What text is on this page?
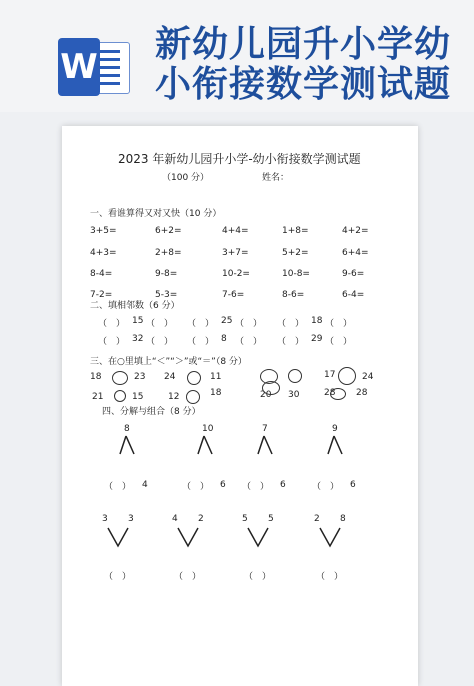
W
新幼儿园升小学幼
小衔接数学测试题
2023 年新幼儿园升小学-幼小衔接数学测试题
（100 分）	姓名：
一、看谁算得又对又快（10 分）
3+5=	6+2=	4+4=	1+8=	4+2=
4+3=	2+8=	3+7=	5+2=	6+4=
8-4=	9-8=	10-2=	10-8=	9-6=
7-2=	5-3=	7-6=	8-6=	6-4=
二、填相邻数（6 分）
（　） 15 （　） （　） 25 （　） （　） 18 （　）
（　） 32 （　） （　） 8 （　） （　） 29 （　）
三、在○里填上“＜”“＞”或“＝”（8 分）
18	23 24	11	17	24
21	15	12	18	20 30	28 28
四、分解与组合（8 分）
8
（　） 4
10
（　） 6
7
（　） 6
9
（　） 6
3 3
（　）
4 2
（　）
5 5
（　）
2 8
（　）
